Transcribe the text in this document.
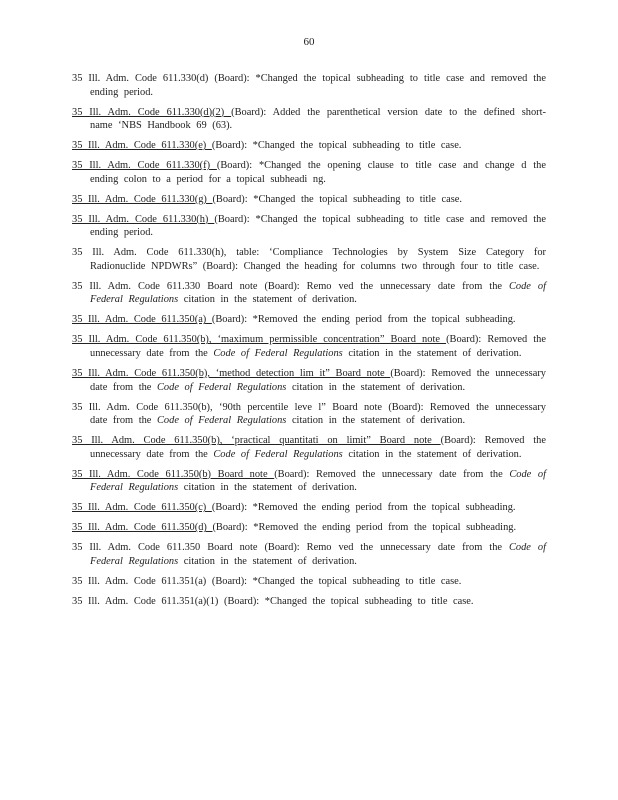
60

35 Ill. Adm. Code 611.330(d) (Board): *Changed the topical subheading to title case and removed the ending period.

35 Ill. Adm. Code 611.330(d)(2) (Board): Added the parenthetical version date to the defined short-name ‘NBS Handbook 69 (63).

35 Ill. Adm. Code 611.330(e) (Board): *Changed the topical subheading to title case.

35 Ill. Adm. Code 611.330(f) (Board): *Changed the opening clause to title case and change d the ending colon to a period for a topical subheadi ng.

35 Ill. Adm. Code 611.330(g) (Board): *Changed the topical subheading to title case.

35 Ill. Adm. Code 611.330(h) (Board): *Changed the topical subheading to title case and removed the ending period.

35 Ill. Adm. Code 611.330(h), table: ‘Compliance Technologies by System Size Category for Radionuclide NPDWRs” (Board): Changed the heading for columns two through four to title case.

35 Ill. Adm. Code 611.330 Board note (Board): Remo ved the unnecessary date from the Code of Federal Regulations citation in the statement of derivation.

35 Ill. Adm. Code 611.350(a) (Board): *Removed the ending period from the topical subheading.

35 Ill. Adm. Code 611.350(b), ‘maximum permissible concentration” Board note (Board): Removed the unnecessary date from the Code of Federal Regulations citation in the statement of derivation.

35 Ill. Adm. Code 611.350(b), ‘method detection lim it” Board note (Board): Removed the unnecessary date from the Code of Federal Regulations citation in the statement of derivation.

35 Ill. Adm. Code 611.350(b), ‘90th percentile leve l” Board note (Board): Removed the unnecessary date from the Code of Federal Regulations citation in the statement of derivation.

35 Ill. Adm. Code 611.350(b), ‘practical quantitati on limit” Board note (Board): Removed the unnecessary date from the Code of Federal Regulations citation in the statement of derivation.

35 Ill. Adm. Code 611.350(b) Board note (Board): Removed the unnecessary date from the Code of Federal Regulations citation in the statement of derivation.

35 Ill. Adm. Code 611.350(c) (Board): *Removed the ending period from the topical subheading.

35 Ill. Adm. Code 611.350(d) (Board): *Removed the ending period from the topical subheading.

35 Ill. Adm. Code 611.350 Board note (Board): Remo ved the unnecessary date from the Code of Federal Regulations citation in the statement of derivation.

35 Ill. Adm. Code 611.351(a) (Board): *Changed the topical subheading to title case.

35 Ill. Adm. Code 611.351(a)(1) (Board): *Changed the topical subheading to title case.
